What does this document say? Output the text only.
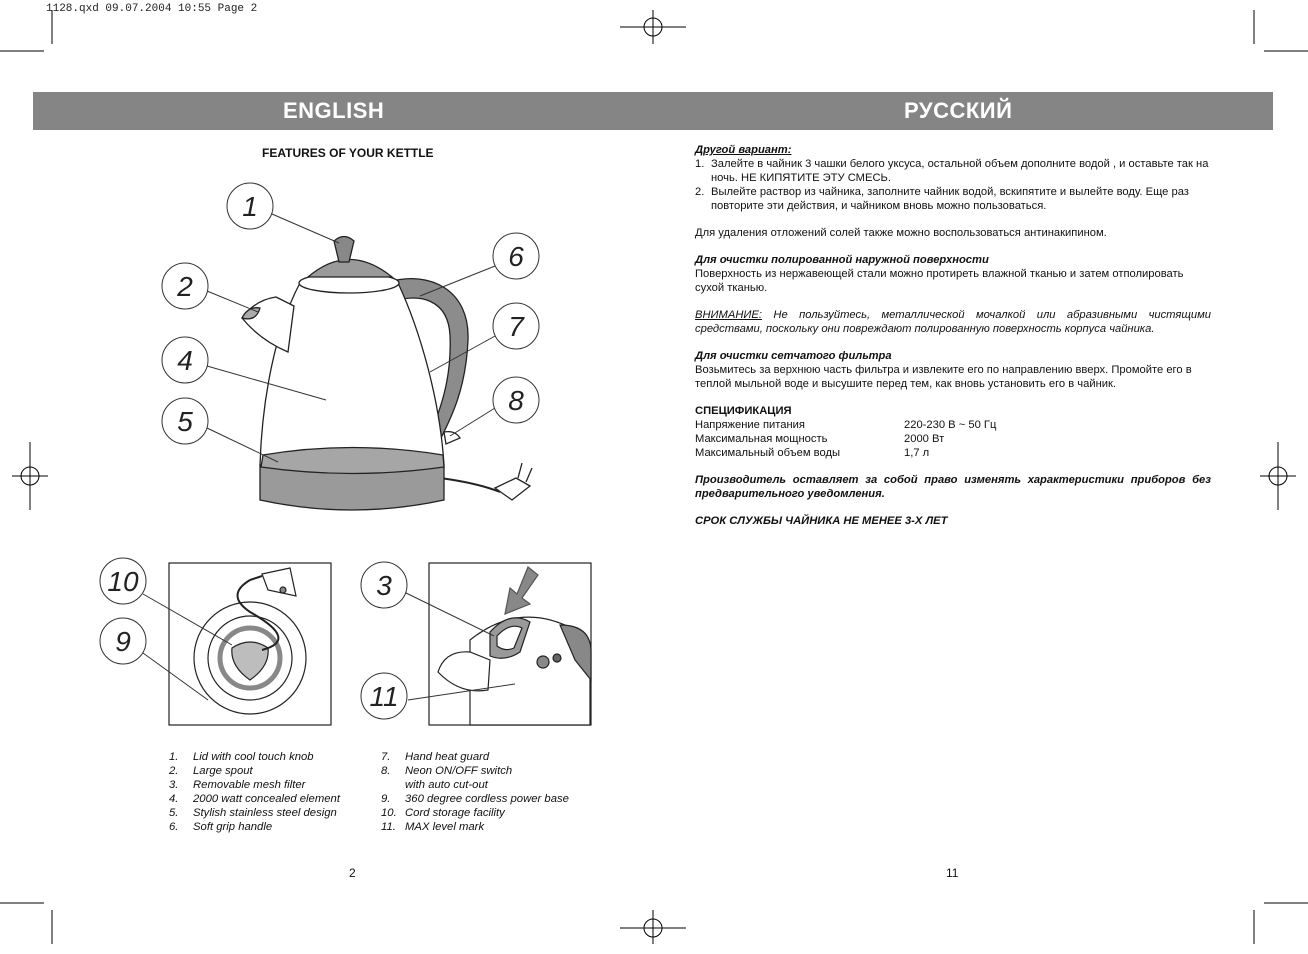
1128.qxd 09.07.2004 10:55 Page 2
ENGLISH	РУССКИЙ
FEATURES OF YOUR KETTLE
1
2
4
5
6
7
8
10
9
3
11
1. Lid with cool touch knob
2. Large spout
3. Removable mesh filter
4. 2000 watt concealed element
5. Stylish stainless steel design
6. Soft grip handle
7. Hand heat guard
8. Neon ON/OFF switch
with auto cut-out
9. 360 degree cordless power base
10. Cord storage facility
11. MAX level mark
2

Другой вариант:

1. Залейте в чайник 3 чашки белого уксуса, остальной объем дополните водой , и оставьте так на ночь. НЕ КИПЯТИТЕ ЭТУ СМЕСЬ.
2. Вылейте раствор из чайника, заполните чайник водой, вскипятите и вылейте воду. Еще раз повторите эти действия, и чайником вновь можно пользоваться.

Для удаления отложений солей также можно воспользоваться антинакипином.

Для очистки полированной наружной поверхности

Поверхность из нержавеющей стали можно протиреть влажной тканью и затем отполировать сухой тканью.

ВНИМАНИЕ: Не пользуйтесь, металлической мочалкой или абразивными чистящими средствами, поскольку они повреждают полированную поверхность корпуса чайника.

Для очистки сетчатого фильтра

Возьмитесь за верхнюю часть фильтра и извлеките его по направлению вверх. Промойте его в теплой мыльной воде и высушите перед тем, как вновь установить его в чайник.

СПЕЦИФИКАЦИЯ

Напряжение питания	220-230 В ~ 50 Гц
Максимальная мощность	2000 Вт
Максимальный объем воды	1,7 л

Производитель оставляет за собой право изменять характеристики приборов без предварительного уведомления.

СРОК СЛУЖБЫ ЧАЙНИКА НЕ МЕНЕЕ 3-Х ЛЕТ

11
